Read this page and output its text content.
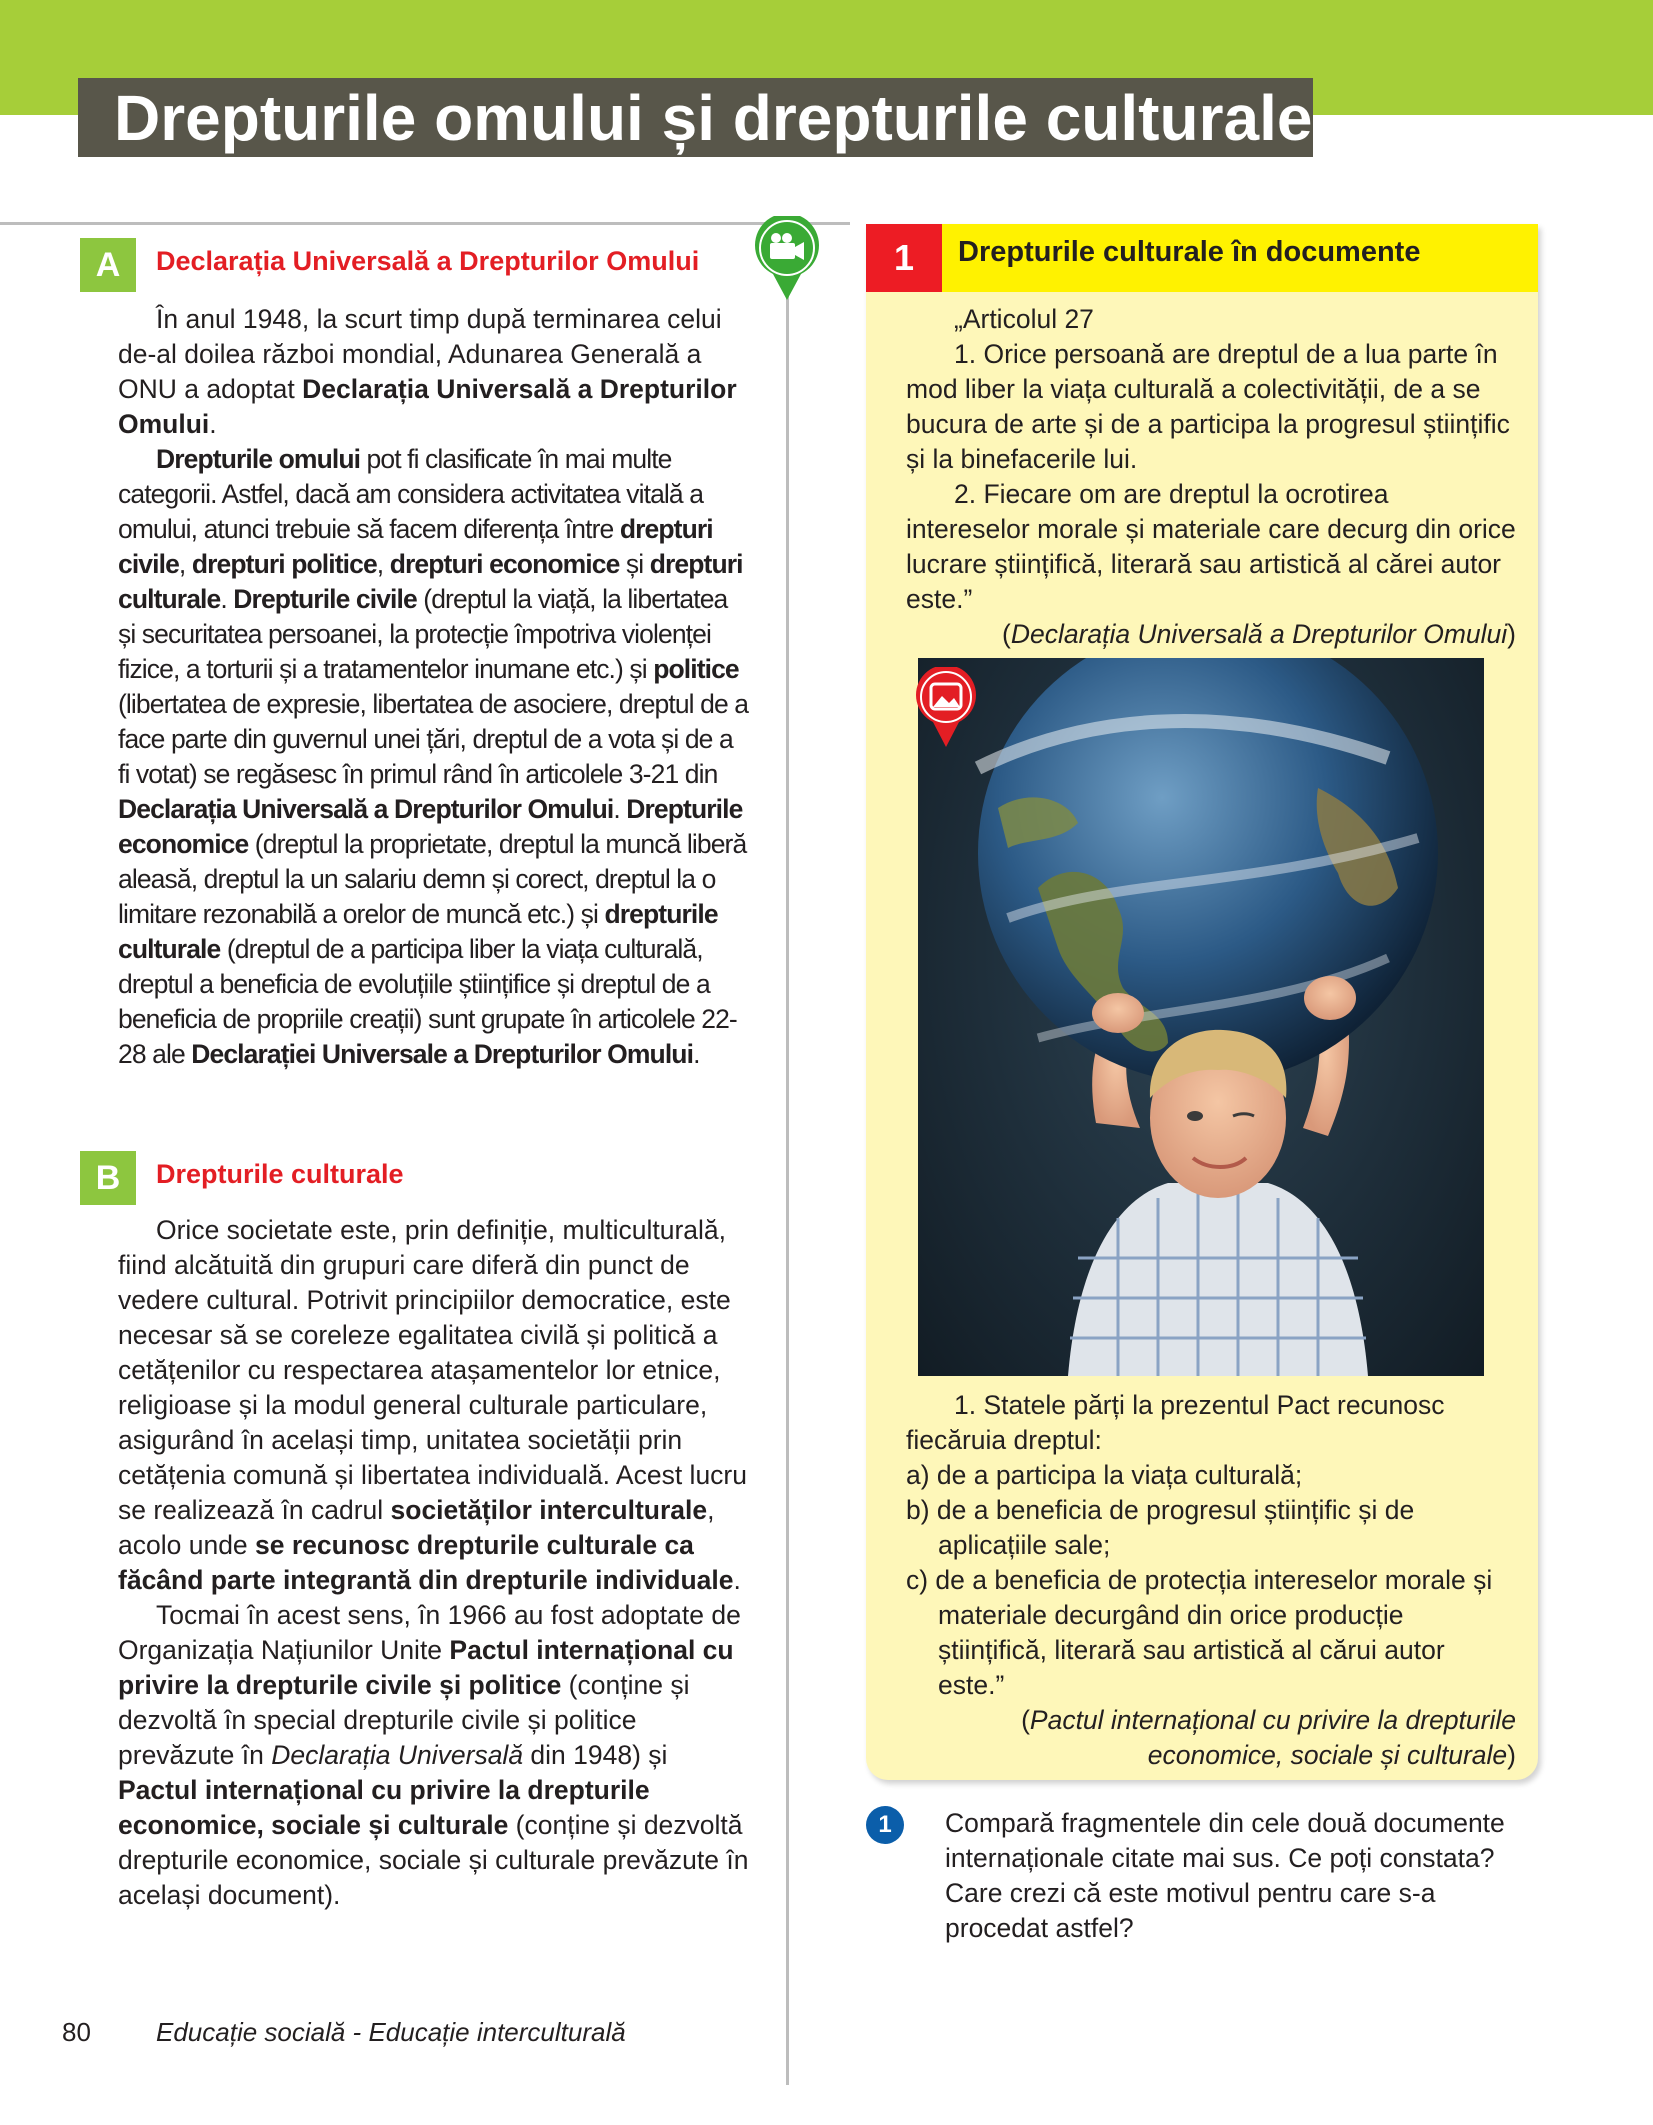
Drepturile omului și drepturile culturale
A	Declarația Universală a Drepturilor Omului

În anul 1948, la scurt timp după terminarea celui de-al doilea război mondial, Adunarea Generală a ONU a adoptat Declarația Universală a Drepturilor Omului.

Drepturile omului pot fi clasificate în mai multe categorii. Astfel, dacă am considera activitatea vitală a omului, atunci trebuie să facem diferența între drepturi civile, drepturi politice, drepturi economice și drepturi culturale. Drepturile civile (dreptul la viață, la libertatea și securitatea persoanei, la protecție împotriva violenței fizice, a torturii și a tratamentelor inumane etc.) și politice (libertatea de expresie, libertatea de asociere, dreptul de a face parte din guvernul unei țări, dreptul de a vota și de a fi votat) se regăsesc în primul rând în articolele 3-21 din Declarația Universală a Drepturilor Omului. Drepturile economice (dreptul la proprietate, dreptul la muncă liberă aleasă, dreptul la un salariu demn și corect, dreptul la o limitare rezonabilă a orelor de muncă etc.) și drepturile culturale (dreptul de a participa liber la viața culturală, dreptul a beneficia de evoluțiile științifice și dreptul de a beneficia de propriile creații) sunt grupate în articolele 22-28 ale Declarației Universale a Drepturilor Omului.

B	Drepturile culturale

Orice societate este, prin definiție, multiculturală, fiind alcătuită din grupuri care diferă din punct de vedere cultural. Potrivit principiilor democratice, este necesar să se coreleze egalitatea civilă și politică a cetățenilor cu respectarea atașamentelor lor etnice, religioase și la modul general culturale particulare, asigurând în același timp, unitatea societății prin cetățenia comună și libertatea individuală. Acest lucru se realizează în cadrul societăților interculturale, acolo unde se recunosc drepturile culturale ca făcând parte integrantă din drepturile individuale.

Tocmai în acest sens, în 1966 au fost adoptate de Organizația Națiunilor Unite Pactul internațional cu privire la drepturile civile și politice (conține și dezvoltă în special drepturile civile și politice prevăzute în Declarația Universală din 1948) și Pactul internațional cu privire la drepturile economice, sociale și culturale (conține și dezvoltă drepturile economice, sociale și culturale prevăzute în același document).

1	Drepturile culturale în documente

„Articolul 27

1. Orice persoană are dreptul de a lua parte în mod liber la viața culturală a colectivității, de a se bucura de arte și de a participa la progresul științific și la binefacerile lui.

2. Fiecare om are dreptul la ocrotirea intereselor morale și materiale care decurg din orice lucrare științifică, literară sau artistică al cărei autor este.”

(Declarația Universală a Drepturilor Omului)

1. Statele părți la prezentul Pact recunosc fiecăruia dreptul:

a) de a participa la viața culturală;

b) de a beneficia de progresul științific și de aplicațiile sale;

c) de a beneficia de protecția intereselor morale și materiale decurgând din orice producție științifică, literară sau artistică al cărui autor este.”

(Pactul internațional cu privire la drepturile economice, sociale și culturale)

1	Compară fragmentele din cele două documente internaționale citate mai sus. Ce poți constata? Care crezi că este motivul pentru care s-a procedat astfel?
80	Educație socială - Educație interculturală
